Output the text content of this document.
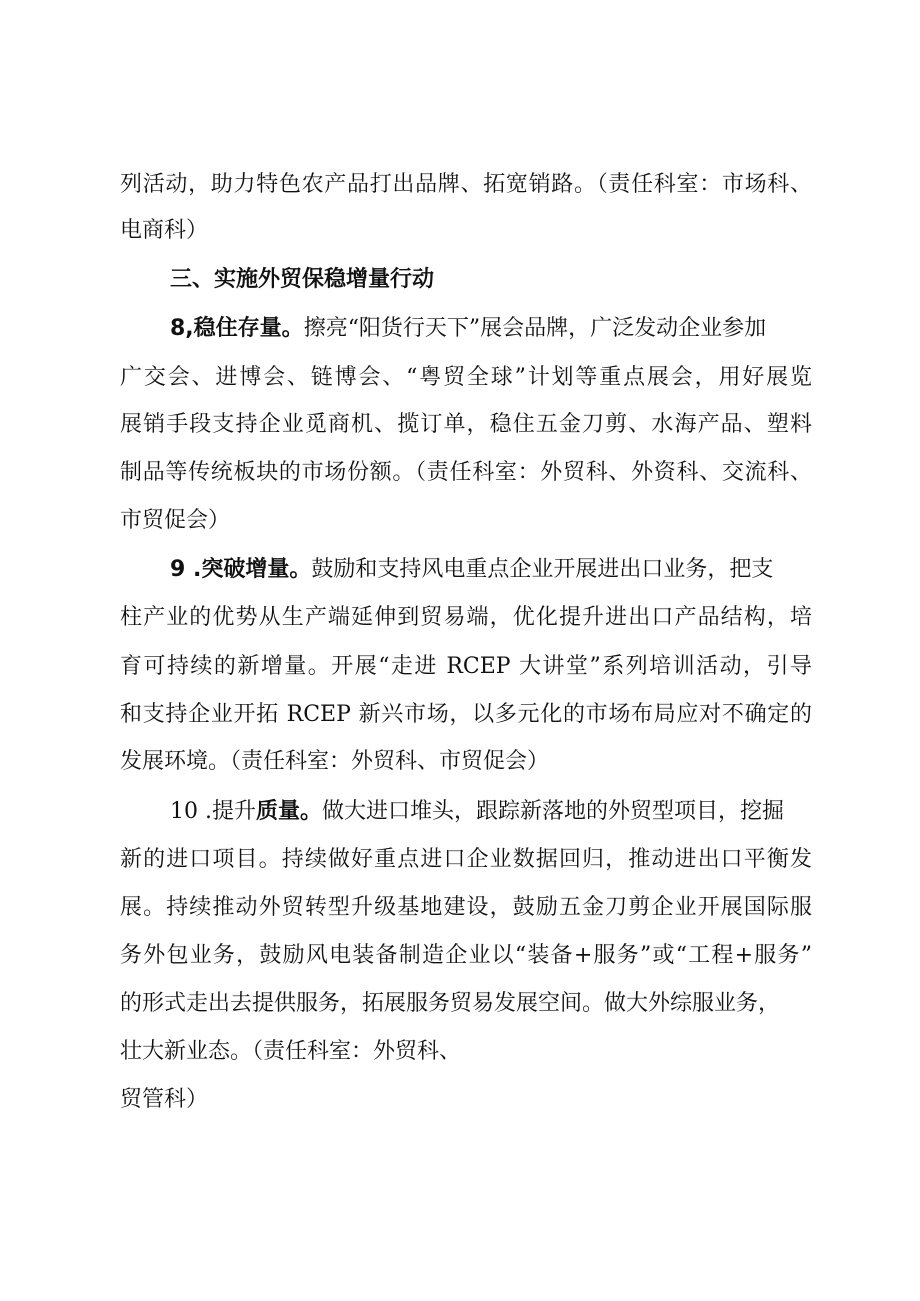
列活动，助力特色农产品打出品牌、拓宽销路。（责任科室：市场科、
电商科）
三、实施外贸保稳增量行动
8,稳住存量。擦亮“阳货行天下”展会品牌，广泛发动企业参加
广交会、进博会、链博会、“粤贸全球”计划等重点展会，用好展览
展销手段支持企业觅商机、揽订单，稳住五金刀剪、水海产品、塑料
制品等传统板块的市场份额。（责任科室：外贸科、外资科、交流科、
市贸促会）
9 .突破增量。鼓励和支持风电重点企业开展进出口业务，把支
柱产业的优势从生产端延伸到贸易端，优化提升进出口产品结构，培
育可持续的新增量。开展“走进 RCEP 大讲堂”系列培训活动，引导
和支持企业开拓 RCEP 新兴市场，以多元化的市场布局应对不确定的
发展环境。（责任科室：外贸科、市贸促会）
10 .提升质量。做大进口堆头，跟踪新落地的外贸型项目，挖掘
新的进口项目。持续做好重点进口企业数据回归，推动进出口平衡发
展。持续推动外贸转型升级基地建设，鼓励五金刀剪企业开展国际服
务外包业务，鼓励风电装备制造企业以“装备+服务”或“工程+服务”
的形式走出去提供服务，拓展服务贸易发展空间。做大外综服业务，
壮大新业态。（责任科室：外贸科、
贸管科）
